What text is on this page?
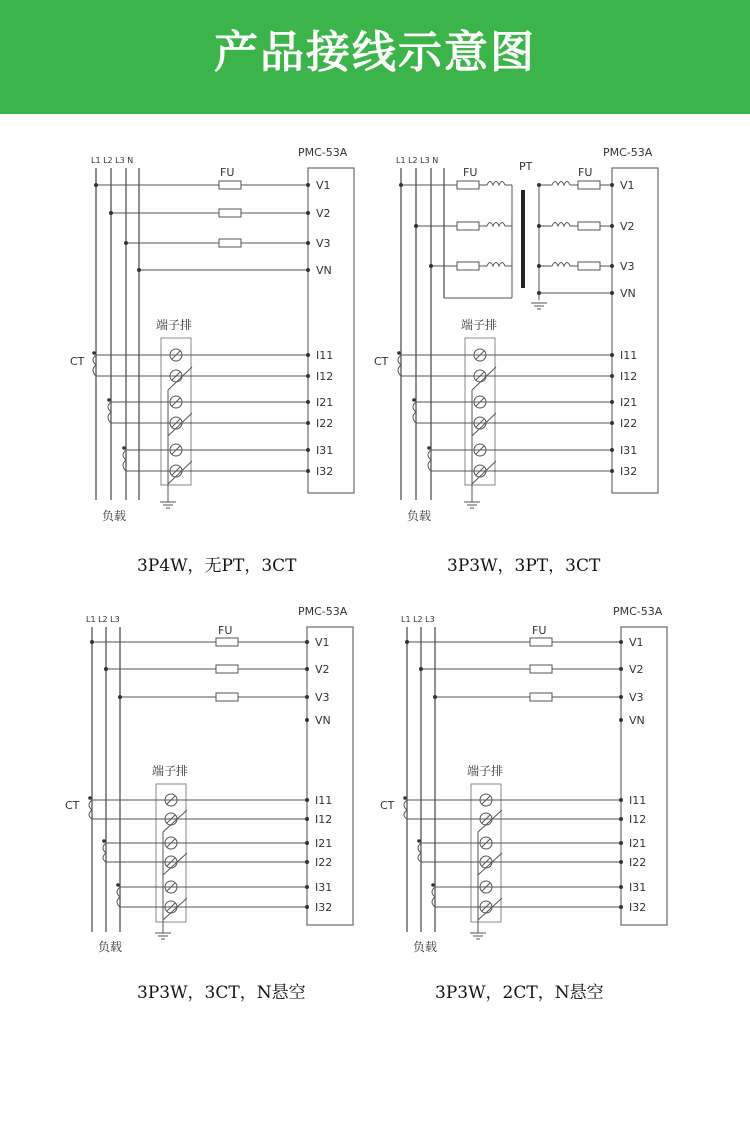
产品接线示意图
L1 L2 L3 N
PMC-53A
FU
V1
V2
V3
VN
端子排
CT	I11
I12
I21
I22
I31
I32
负载
3P4W，无PT，3CT
L1 L2 L3 N
PMC-53A
FU	PT	FU
V1
V2
V3
VN
端子排
CT	I11
I12
I21
I22
I31
I32
负载
3P3W，3PT，3CT
L1 L2 L3
PMC-53A
FU
V1
V2
V3
VN
端子排
CT	I11
I12
I21
I22
I31
I32
负载
3P3W，3CT，N悬空
L1 L2 L3
PMC-53A
FU
V1
V2
V3
VN
端子排
CT	I11
I12
I21
I22
I31
I32
负载
3P3W，2CT，N悬空
